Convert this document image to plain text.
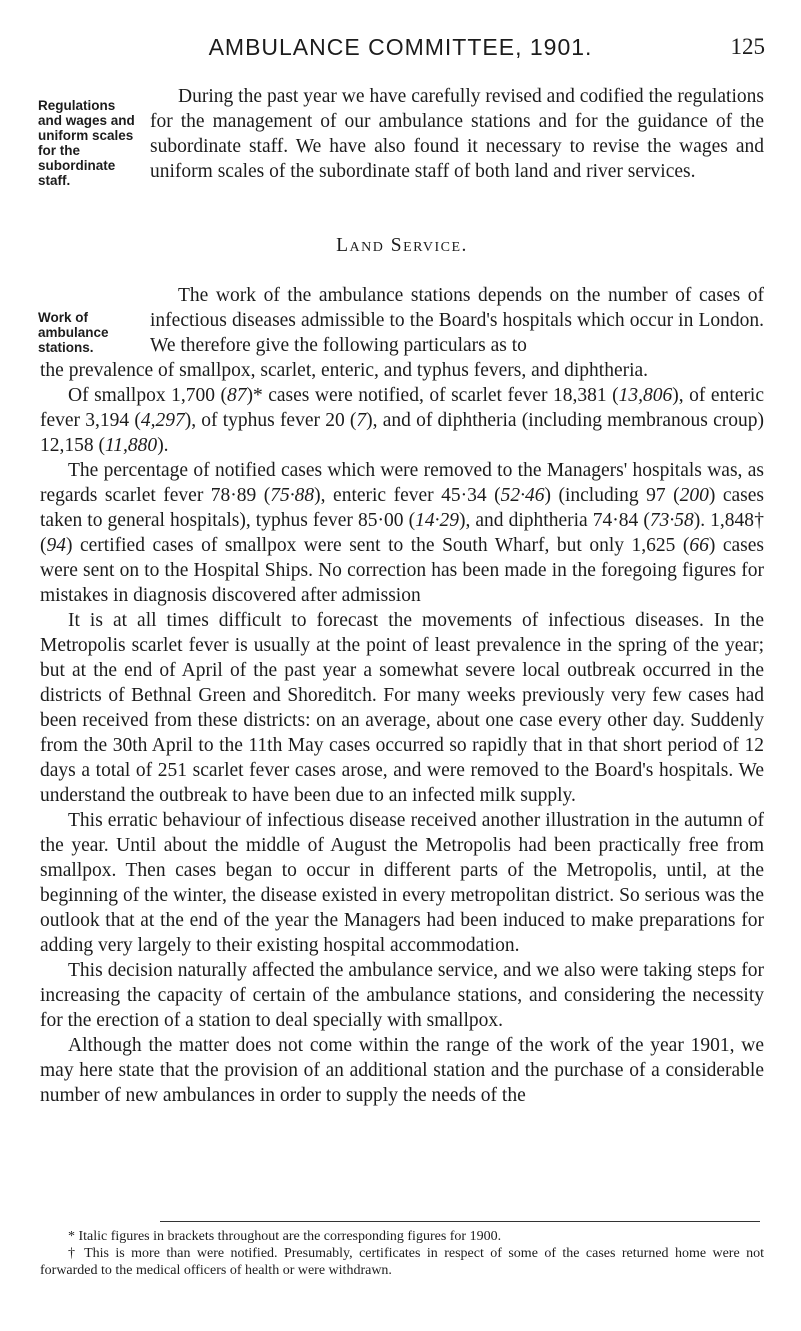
AMBULANCE COMMITTEE, 1901.	125
Regulations and wages and uniform scales for the subordinate staff.
Work of ambulance stations.

During the past year we have carefully revised and codified the regulations for the management of our ambulance stations and for the guidance of the subordinate staff. We have also found it necessary to revise the wages and uniform scales of the subordinate staff of both land and river services.

Land Service.

The work of the ambulance stations depends on the number of cases of infectious diseases admissible to the Board's hospitals which occur in London. We therefore give the following particulars as to

the prevalence of smallpox, scarlet, enteric, and typhus fevers, and diphtheria.

Of smallpox 1,700 (87)* cases were notified, of scarlet fever 18,381 (13,806), of enteric fever 3,194 (4,297), of typhus fever 20 (7), and of diphtheria (including membranous croup) 12,158 (11,880).

The percentage of notified cases which were removed to the Managers' hospitals was, as regards scarlet fever 78·89 (75·88), enteric fever 45·34 (52·46) (including 97 (200) cases taken to general hospitals), typhus fever 85·00 (14·29), and diphtheria 74·84 (73·58). 1,848† (94) certified cases of smallpox were sent to the South Wharf, but only 1,625 (66) cases were sent on to the Hospital Ships. No correction has been made in the foregoing figures for mistakes in diagnosis discovered after admission

It is at all times difficult to forecast the movements of infectious diseases. In the Metropolis scarlet fever is usually at the point of least prevalence in the spring of the year; but at the end of April of the past year a somewhat severe local outbreak occurred in the districts of Bethnal Green and Shoreditch. For many weeks previously very few cases had been received from these districts: on an average, about one case every other day. Suddenly from the 30th April to the 11th May cases occurred so rapidly that in that short period of 12 days a total of 251 scarlet fever cases arose, and were removed to the Board's hospitals. We understand the outbreak to have been due to an infected milk supply.

This erratic behaviour of infectious disease received another illustration in the autumn of the year. Until about the middle of August the Metropolis had been practically free from smallpox. Then cases began to occur in different parts of the Metropolis, until, at the beginning of the winter, the disease existed in every metropolitan district. So serious was the outlook that at the end of the year the Managers had been induced to make preparations for adding very largely to their existing hospital accommodation.

This decision naturally affected the ambulance service, and we also were taking steps for increasing the capacity of certain of the ambulance stations, and considering the necessity for the erection of a station to deal specially with smallpox.

Although the matter does not come within the range of the work of the year 1901, we may here state that the provision of an additional station and the purchase of a considerable number of new ambulances in order to supply the needs of the

* Italic figures in brackets throughout are the corresponding figures for 1900.

† This is more than were notified. Presumably, certificates in respect of some of the cases returned home were not forwarded to the medical officers of health or were withdrawn.
